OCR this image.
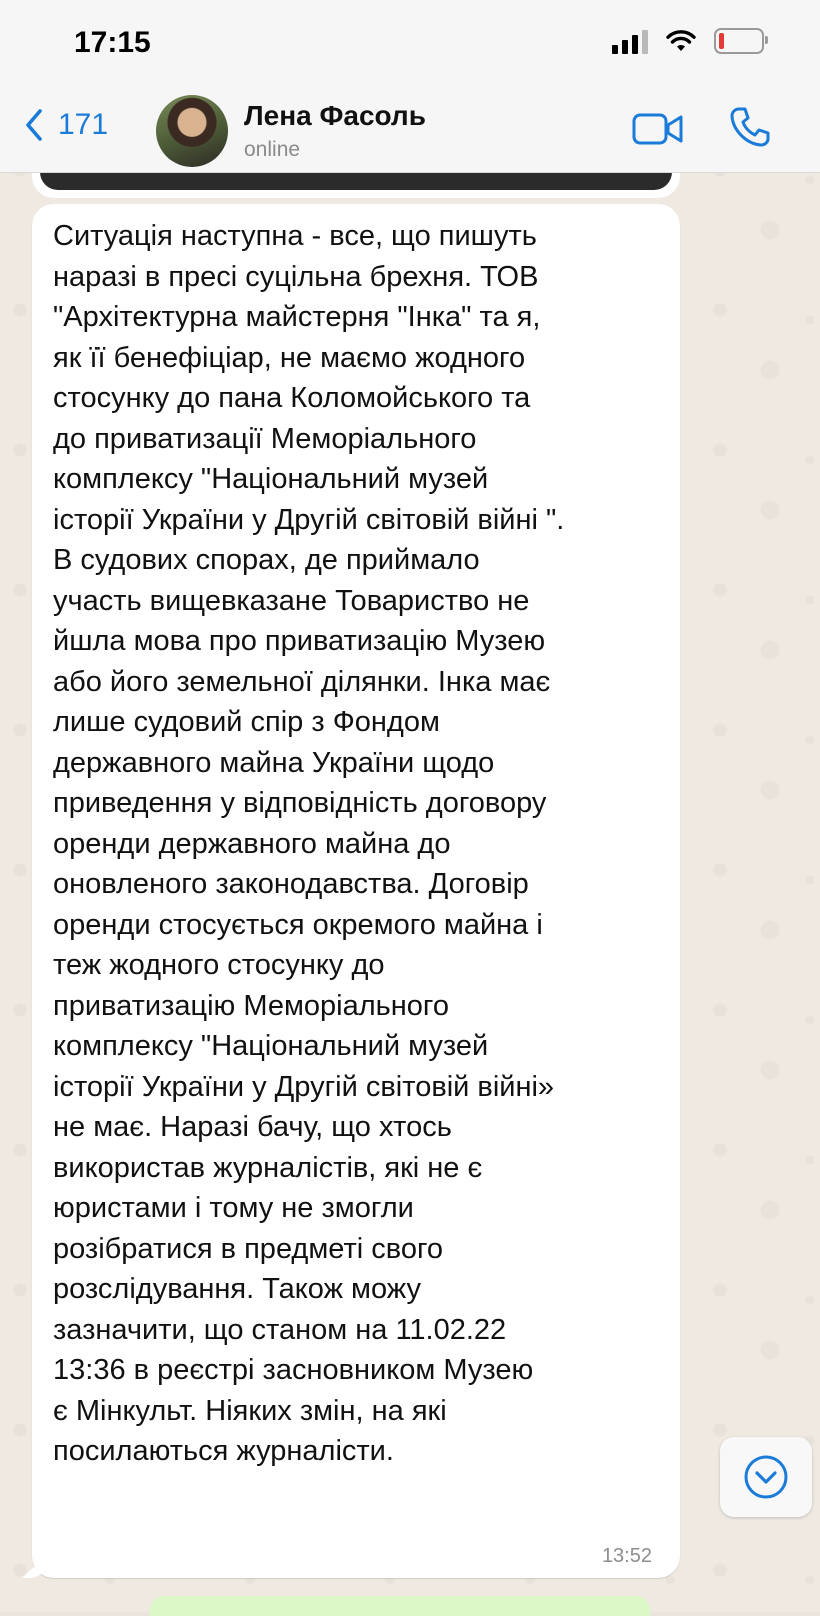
17:15
171	Лена Фасоль
online

Ситуація наступна - все, що пишуть
наразі в пресі суцільна брехня. ТОВ
"Архітектурна майстерня "Інка" та я,
як її бенефіціар, не маємо жодного
стосунку до пана Коломойського та
до приватизації Меморіального
комплексу "Національний музей
історії України у Другій світовій війні ".
В судових спорах, де приймало
участь вищевказане Товариство не
йшла мова про приватизацію Музею
або його земельної ділянки. Інка має
лише судовий спір з Фондом
державного майна України щодо
приведення у відповідність договору
оренди державного майна до
оновленого законодавства. Договір
оренди стосується окремого майна і
теж жодного стосунку до
приватизацію Меморіального
комплексу "Національний музей
історії України у Другій світовій війні»
не має. Наразі бачу, що хтось
використав журналістів, які не є
юристами і тому не змогли
розібратися в предметі свого
розслідування. Також можу
зазначити, що станом на 11.02.22
13:36 в реєстрі засновником Музею
є Мінкульт. Ніяких змін, на які
посилаються журналісти.

13:52
